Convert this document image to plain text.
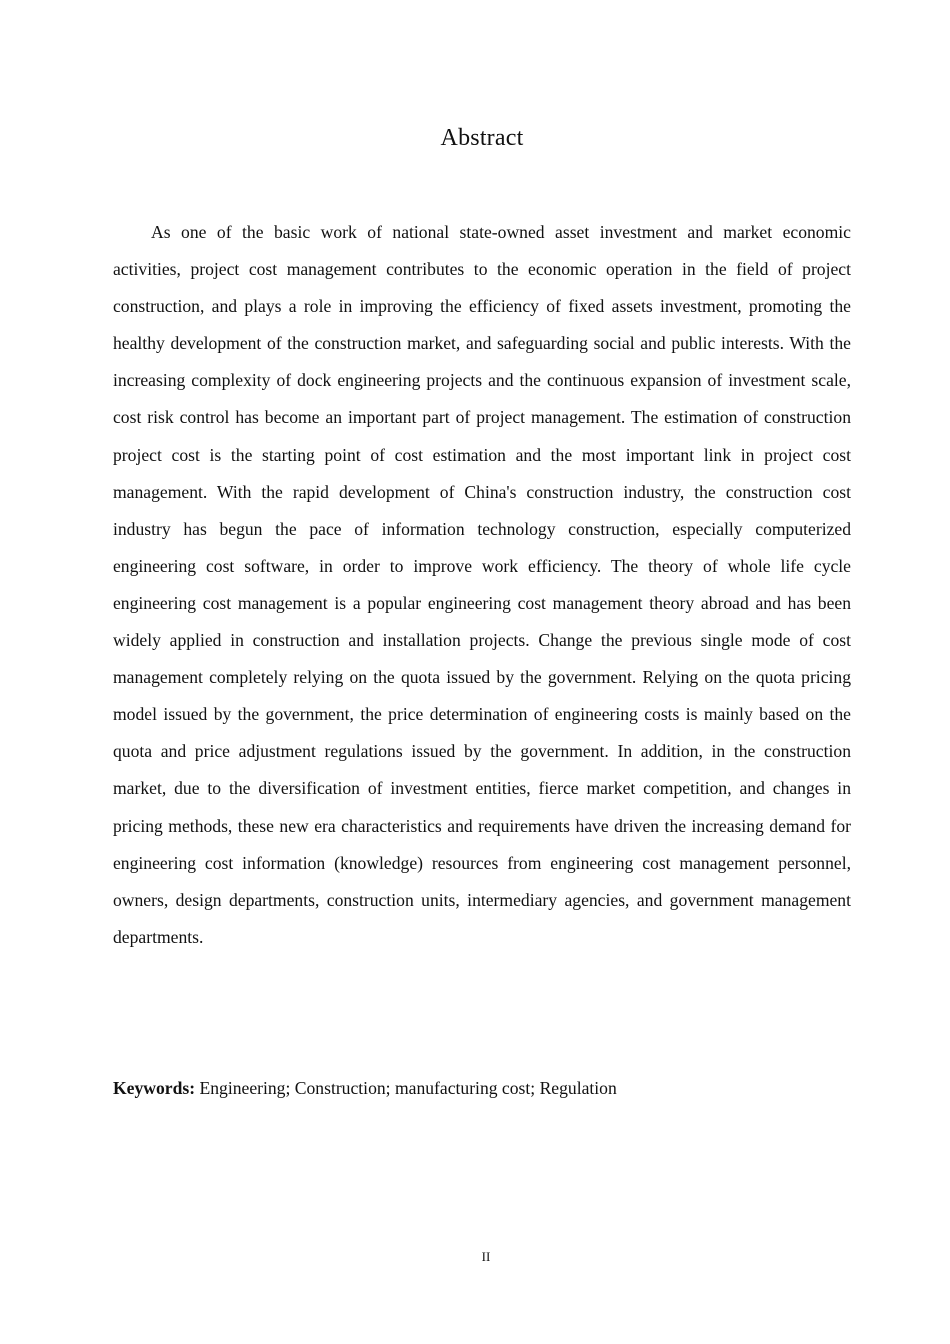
Abstract

As one of the basic work of national state-owned asset investment and market economic activities, project cost management contributes to the economic operation in the field of project construction, and plays a role in improving the efficiency of fixed assets investment, promoting the healthy development of the construction market, and safeguarding social and public interests. With the increasing complexity of dock engineering projects and the continuous expansion of investment scale, cost risk control has become an important part of project management. The estimation of construction project cost is the starting point of cost estimation and the most important link in project cost management. With the rapid development of China's construction industry, the construction cost industry has begun the pace of information technology construction, especially computerized engineering cost software, in order to improve work efficiency. The theory of whole life cycle engineering cost management is a popular engineering cost management theory abroad and has been widely applied in construction and installation projects. Change the previous single mode of cost management completely relying on the quota issued by the government. Relying on the quota pricing model issued by the government, the price determination of engineering costs is mainly based on the quota and price adjustment regulations issued by the government. In addition, in the construction market, due to the diversification of investment entities, fierce market competition, and changes in pricing methods, these new era characteristics and requirements have driven the increasing demand for engineering cost information (knowledge) resources from engineering cost management personnel, owners, design departments, construction units, intermediary agencies, and government management departments.

Keywords: Engineering; Construction; manufacturing cost; Regulation

II
